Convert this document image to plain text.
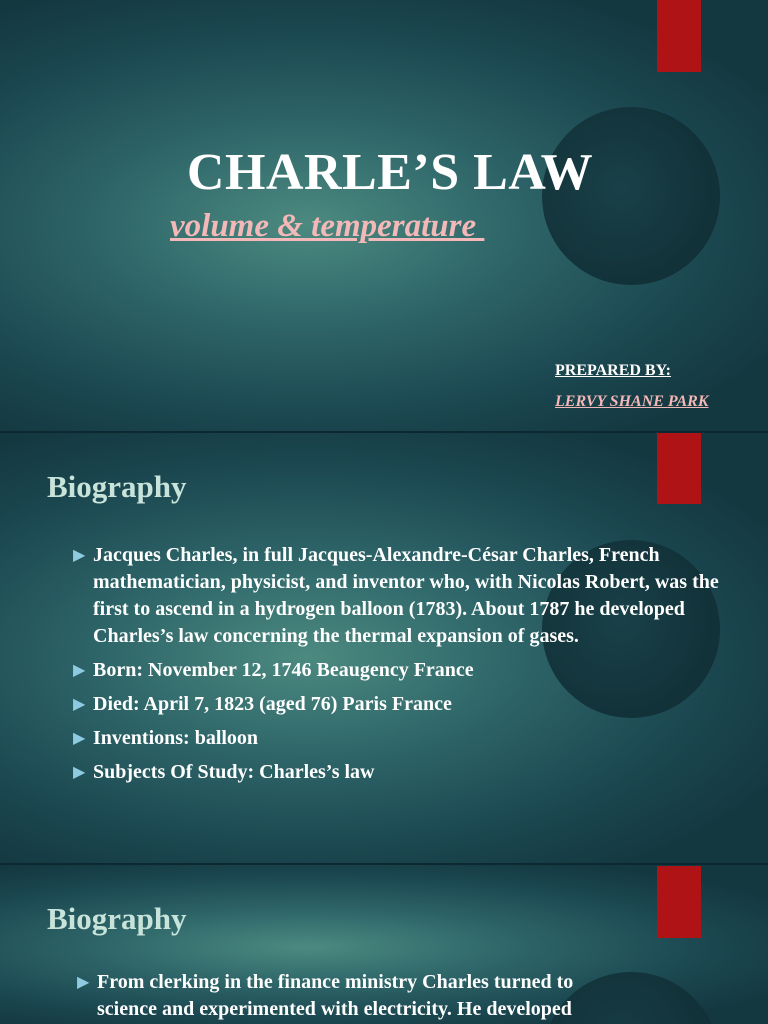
CHARLE’S LAW
volume & temperature
PREPARED BY:
LERVY SHANE PARK
Biography
▶ Jacques Charles, in full Jacques-Alexandre-César Charles, French mathematician, physicist, and inventor who, with Nicolas Robert, was the first to ascend in a hydrogen balloon (1783). About 1787 he developed Charles’s law concerning the thermal expansion of gases.
▶ Born: November 12, 1746 Beaugency France
▶ Died: April 7, 1823 (aged 76) Paris France
▶ Inventions: balloon
▶ Subjects Of Study: Charles’s law
Biography
▶ From clerking in the finance ministry Charles turned to science and experimented with electricity. He developed
